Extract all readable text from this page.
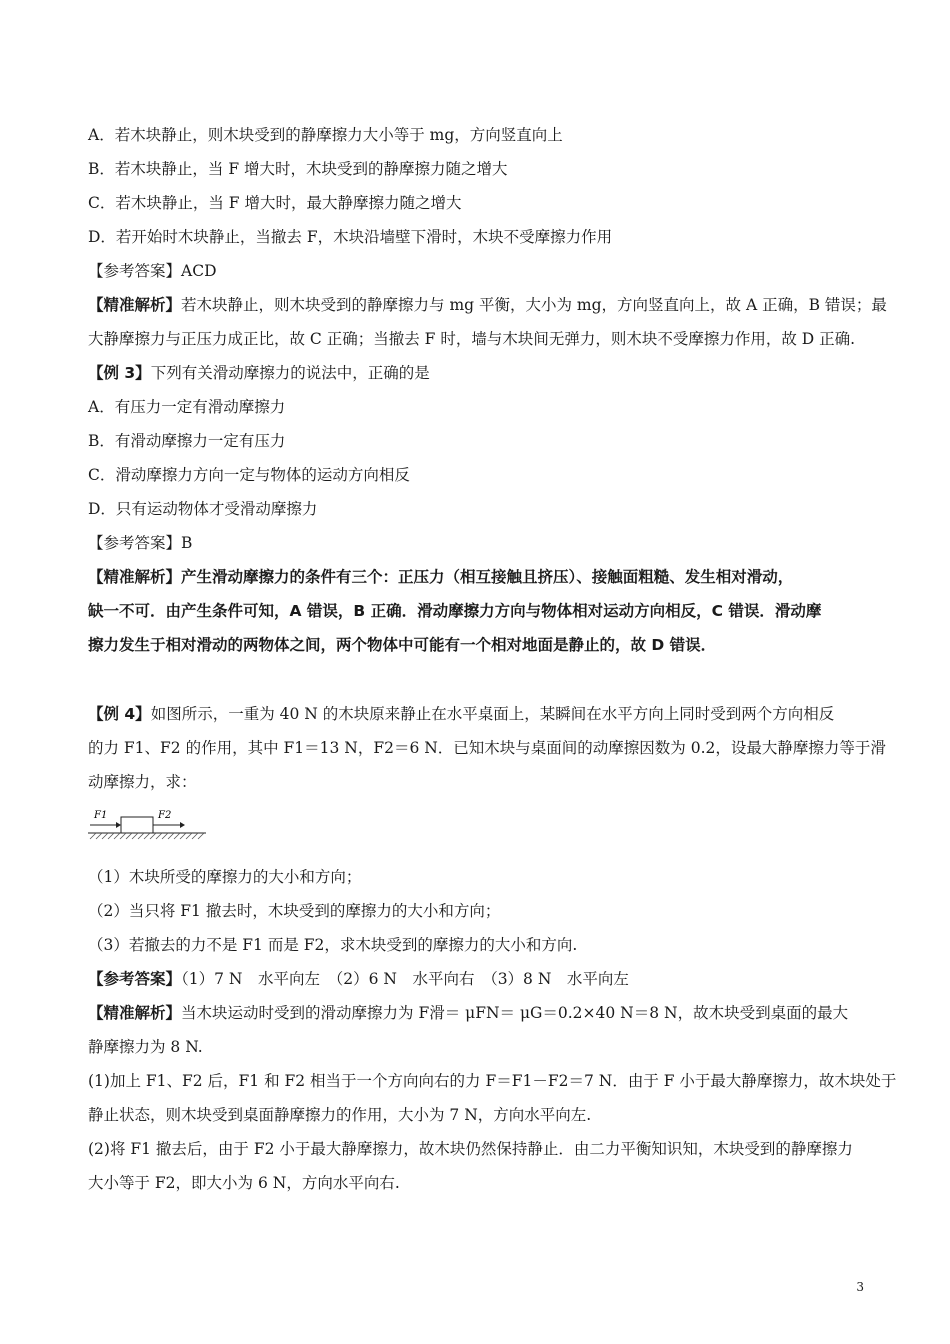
A．若木块静止，则木块受到的静摩擦力大小等于 mg，方向竖直向上
B．若木块静止，当 F 增大时，木块受到的静摩擦力随之增大
C．若木块静止，当 F 增大时，最大静摩擦力随之增大
D．若开始时木块静止，当撤去 F，木块沿墙壁下滑时，木块不受摩擦力作用
【参考答案】ACD
【精准解析】若木块静止，则木块受到的静摩擦力与 mg 平衡，大小为 mg，方向竖直向上，故 A 正确，B 错误；最
大静摩擦力与正压力成正比，故 C 正确；当撤去 F 时，墙与木块间无弹力，则木块不受摩擦力作用，故 D 正确.
【例 3】下列有关滑动摩擦力的说法中，正确的是
A．有压力一定有滑动摩擦力
B．有滑动摩擦力一定有压力
C．滑动摩擦力方向一定与物体的运动方向相反
D．只有运动物体才受滑动摩擦力
【参考答案】B
【精准解析】产生滑动摩擦力的条件有三个：正压力（相互接触且挤压）、接触面粗糙、发生相对滑动，
缺一不可．由产生条件可知，A 错误，B 正确．滑动摩擦力方向与物体相对运动方向相反，C 错误．滑动摩
擦力发生于相对滑动的两物体之间，两个物体中可能有一个相对地面是静止的，故 D 错误．
【例 4】如图所示，一重为 40 N 的木块原来静止在水平桌面上，某瞬间在水平方向上同时受到两个方向相反
的力 F1、F2 的作用，其中 F1＝13 N，F2＝6 N．已知木块与桌面间的动摩擦因数为 0.2，设最大静摩擦力等于滑
动摩擦力，求：
F1	F2
（1）木块所受的摩擦力的大小和方向；
（2）当只将 F1 撤去时，木块受到的摩擦力的大小和方向；
（3）若撤去的力不是 F1 而是 F2，求木块受到的摩擦力的大小和方向.
【参考答案】（1）7 N　水平向左　（2）6 N　水平向右　（3）8 N　水平向左
【精准解析】当木块运动时受到的滑动摩擦力为 F滑＝ μFN＝ μG＝0.2×40 N＝8 N，故木块受到桌面的最大
静摩擦力为 8 N.
(1)加上 F1、F2 后，F1 和 F2 相当于一个方向向右的力 F＝F1－F2＝7 N．由于 F 小于最大静摩擦力，故木块处于
静止状态，则木块受到桌面静摩擦力的作用，大小为 7 N，方向水平向左.
(2)将 F1 撤去后，由于 F2 小于最大静摩擦力，故木块仍然保持静止．由二力平衡知识知，木块受到的静摩擦力
大小等于 F2，即大小为 6 N，方向水平向右.
3
